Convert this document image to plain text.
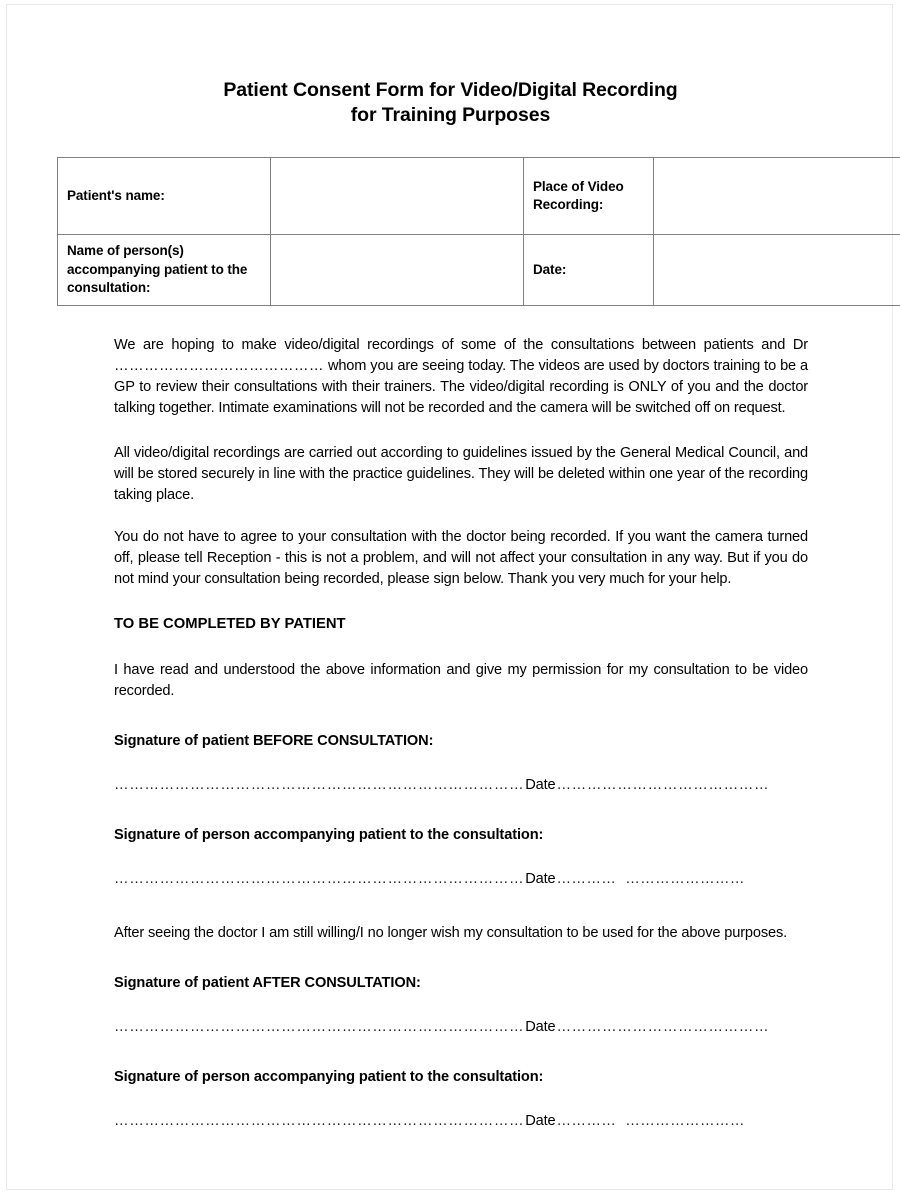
Patient Consent Form for Video/Digital Recording
for Training Purposes
Patient's name:		Place of Video Recording:	
Name of person(s) accompanying patient to the consultation:		Date:	

We are hoping to make video/digital recordings of some of the consultations between patients and Dr …………………………………… whom you are seeing today. The videos are used by doctors training to be a GP to review their consultations with their trainers. The video/digital recording is ONLY of you and the doctor talking together. Intimate examinations will not be recorded and the camera will be switched off on request.

All video/digital recordings are carried out according to guidelines issued by the General Medical Council, and will be stored securely in line with the practice guidelines. They will be deleted within one year of the recording taking place.

You do not have to agree to your consultation with the doctor being recorded. If you want the camera turned off, please tell Reception - this is not a problem, and will not affect your consultation in any way. But if you do not mind your consultation being recorded, please sign below. Thank you very much for your help.

TO BE COMPLETED BY PATIENT

I have read and understood the above information and give my permission for my consultation to be video recorded.

Signature of patient BEFORE CONSULTATION:
………………………………………………………………………Date……………………………………
Signature of person accompanying patient to the consultation:
………………………………………………………………………Date………… ……………………

After seeing the doctor I am still willing/I no longer wish my consultation to be used for the above purposes.

Signature of patient AFTER CONSULTATION:
………………………………………………………………………Date……………………………………
Signature of person accompanying patient to the consultation:
………………………………………………………………………Date………… ……………………
